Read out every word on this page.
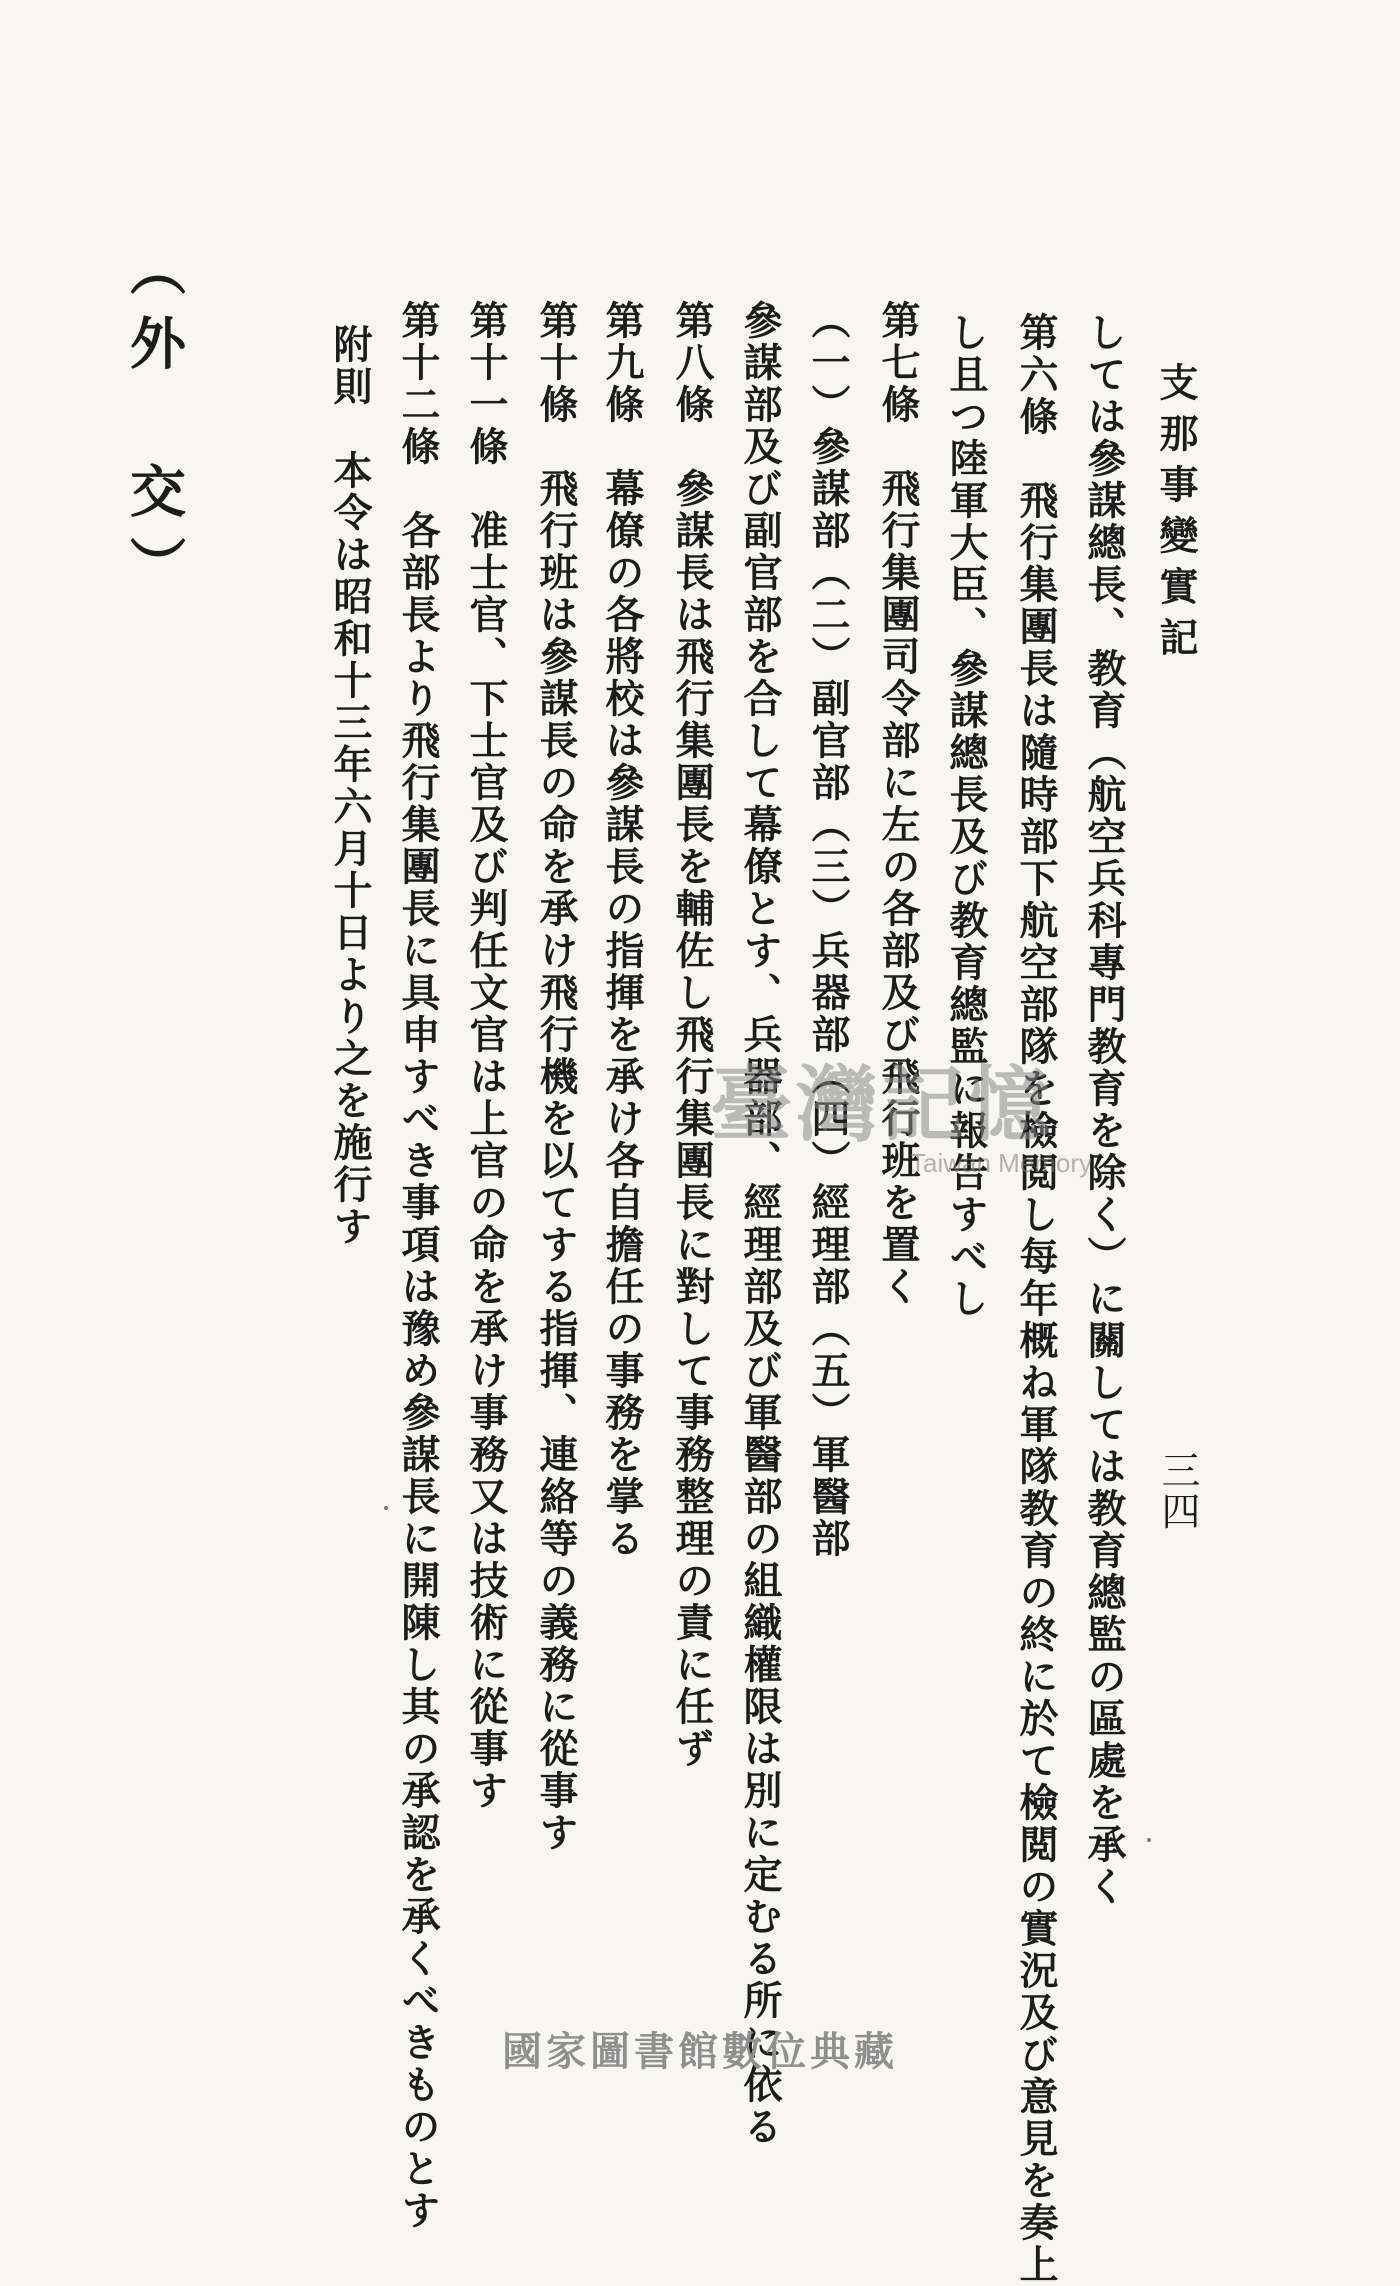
支那事變實記
三四
しては參謀總長、教育（航空兵科專門教育を除く）に關しては教育總監の區處を承く
第六條　飛行集團長は隨時部下航空部隊を檢閲し每年概ね軍隊教育の終に於て檢閲の實況及び意見を奏上
し且つ陸軍大臣、參謀總長及び教育總監に報告すべし
第七條　飛行集團司令部に左の各部及び飛行班を置く
（一）參謀部（二）副官部（三）兵器部（四）經理部（五）軍醫部
參謀部及び副官部を合して幕僚とす、兵器部、經理部及び軍醫部の組織權限は別に定むる所に依る
第八條　參謀長は飛行集團長を輔佐し飛行集團長に對して事務整理の責に任ず
第九條　幕僚の各將校は參謀長の指揮を承け各自擔任の事務を掌る
第十條　飛行班は參謀長の命を承け飛行機を以てする指揮、連絡等の義務に從事す
第十一條　准士官、下士官及び判任文官は上官の命を承け事務又は技術に從事す
第十二條　各部長より飛行集團長に具申すべき事項は豫め參謀長に開陳し其の承認を承くべきものとす
附則　本令は昭和十三年六月十日より之を施行す
（外　交）
臺灣記憶
Taiwan Memory
國家圖書館數位典藏
